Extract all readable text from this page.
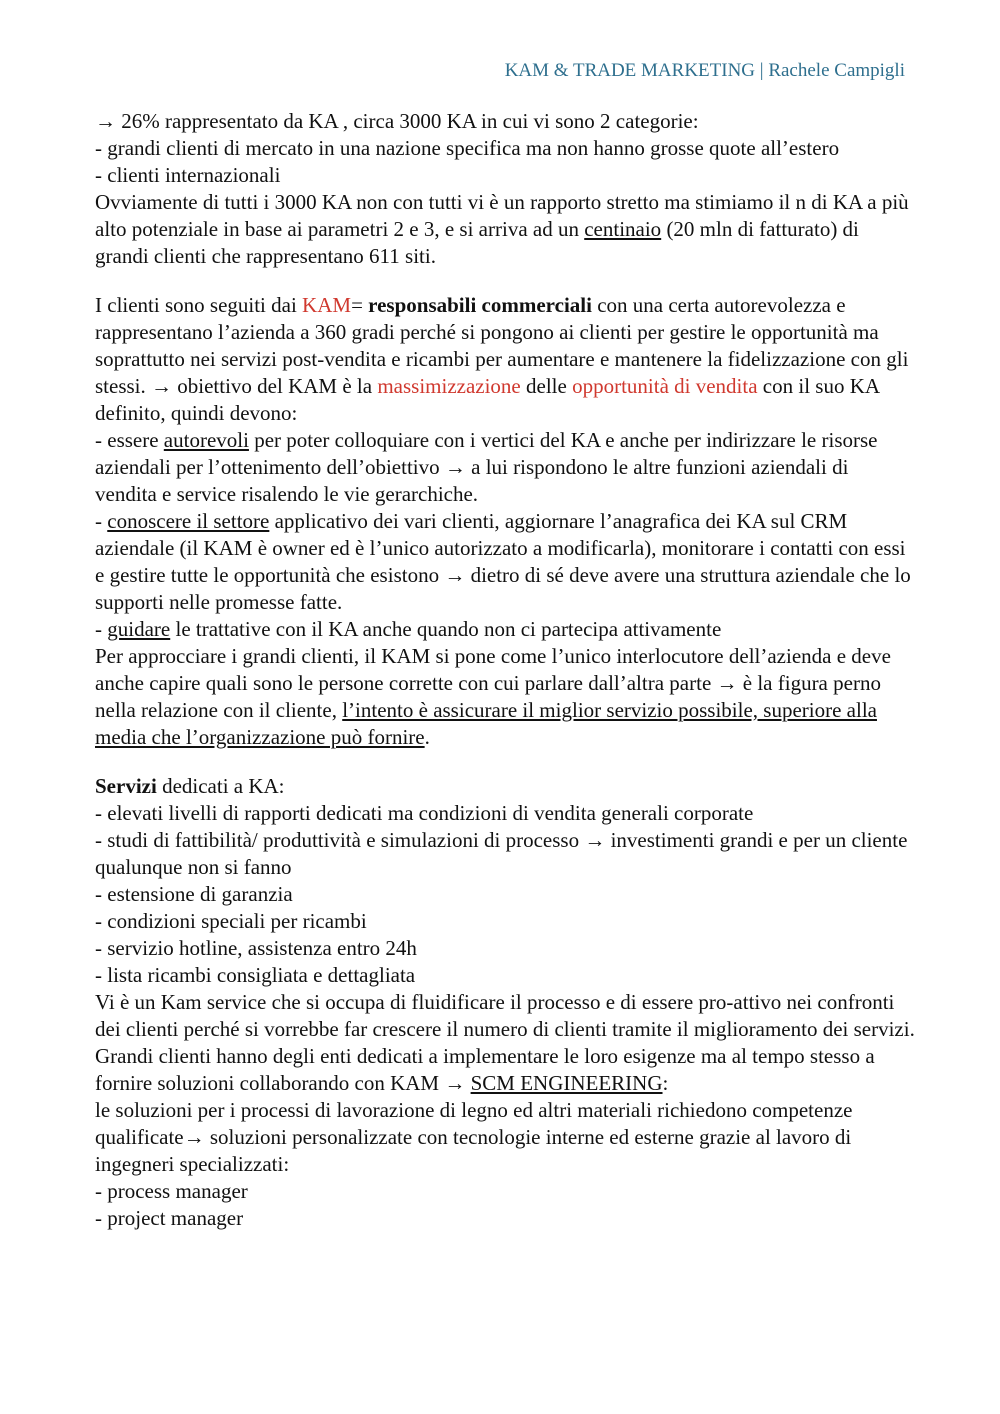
KAM & TRADE MARKETING | Rachele Campigli

→ 26% rappresentato da KA , circa 3000 KA in cui vi sono 2 categorie:

- grandi clienti di mercato in una nazione specifica ma non hanno grosse quote all’estero

- clienti internazionali

Ovviamente di tutti i 3000 KA non con tutti vi è un rapporto stretto ma stimiamo il n di KA a più alto potenziale in base ai parametri 2 e 3, e si arriva ad un centinaio (20 mln di fatturato) di grandi clienti che rappresentano 611 siti.

I clienti sono seguiti dai KAM= responsabili commerciali con una certa autorevolezza e rappresentano l’azienda a 360 gradi perché si pongono ai clienti per gestire le opportunità ma soprattutto nei servizi post-vendita e ricambi per aumentare e mantenere la fidelizzazione con gli stessi. → obiettivo del KAM è la massimizzazione delle opportunità di vendita con il suo KA definito, quindi devono:

- essere autorevoli per poter colloquiare con i vertici del KA e anche per indirizzare le risorse aziendali per l’ottenimento dell’obiettivo → a lui rispondono le altre funzioni aziendali di vendita e service risalendo le vie gerarchiche.

- conoscere il settore applicativo dei vari clienti, aggiornare l’anagrafica dei KA sul CRM aziendale (il KAM è owner ed è l’unico autorizzato a modificarla), monitorare i contatti con essi e gestire tutte le opportunità che esistono → dietro di sé deve avere una struttura aziendale che lo supporti nelle promesse fatte.

- guidare le trattative con il KA anche quando non ci partecipa attivamente

Per approcciare i grandi clienti, il KAM si pone come l’unico interlocutore dell’azienda e deve anche capire quali sono le persone corrette con cui parlare dall’altra parte → è la figura perno nella relazione con il cliente, l’intento è assicurare il miglior servizio possibile, superiore alla media che l’organizzazione può fornire.

Servizi dedicati a KA:

- elevati livelli di rapporti dedicati ma condizioni di vendita generali corporate

- studi di fattibilità/ produttività e simulazioni di processo → investimenti grandi e per un cliente qualunque non si fanno

- estensione di garanzia

- condizioni speciali per ricambi

- servizio hotline, assistenza entro 24h

- lista ricambi consigliata e dettagliata

Vi è un Kam service che si occupa di fluidificare il processo e di essere pro-attivo nei confronti dei clienti perché si vorrebbe far crescere il numero di clienti tramite il miglioramento dei servizi.

Grandi clienti hanno degli enti dedicati a implementare le loro esigenze ma al tempo stesso a fornire soluzioni collaborando con KAM → SCM ENGINEERING:

le soluzioni per i processi di lavorazione di legno ed altri materiali richiedono competenze qualificate→ soluzioni personalizzate con tecnologie interne ed esterne grazie al lavoro di ingegneri specializzati:

- process manager

- project manager
